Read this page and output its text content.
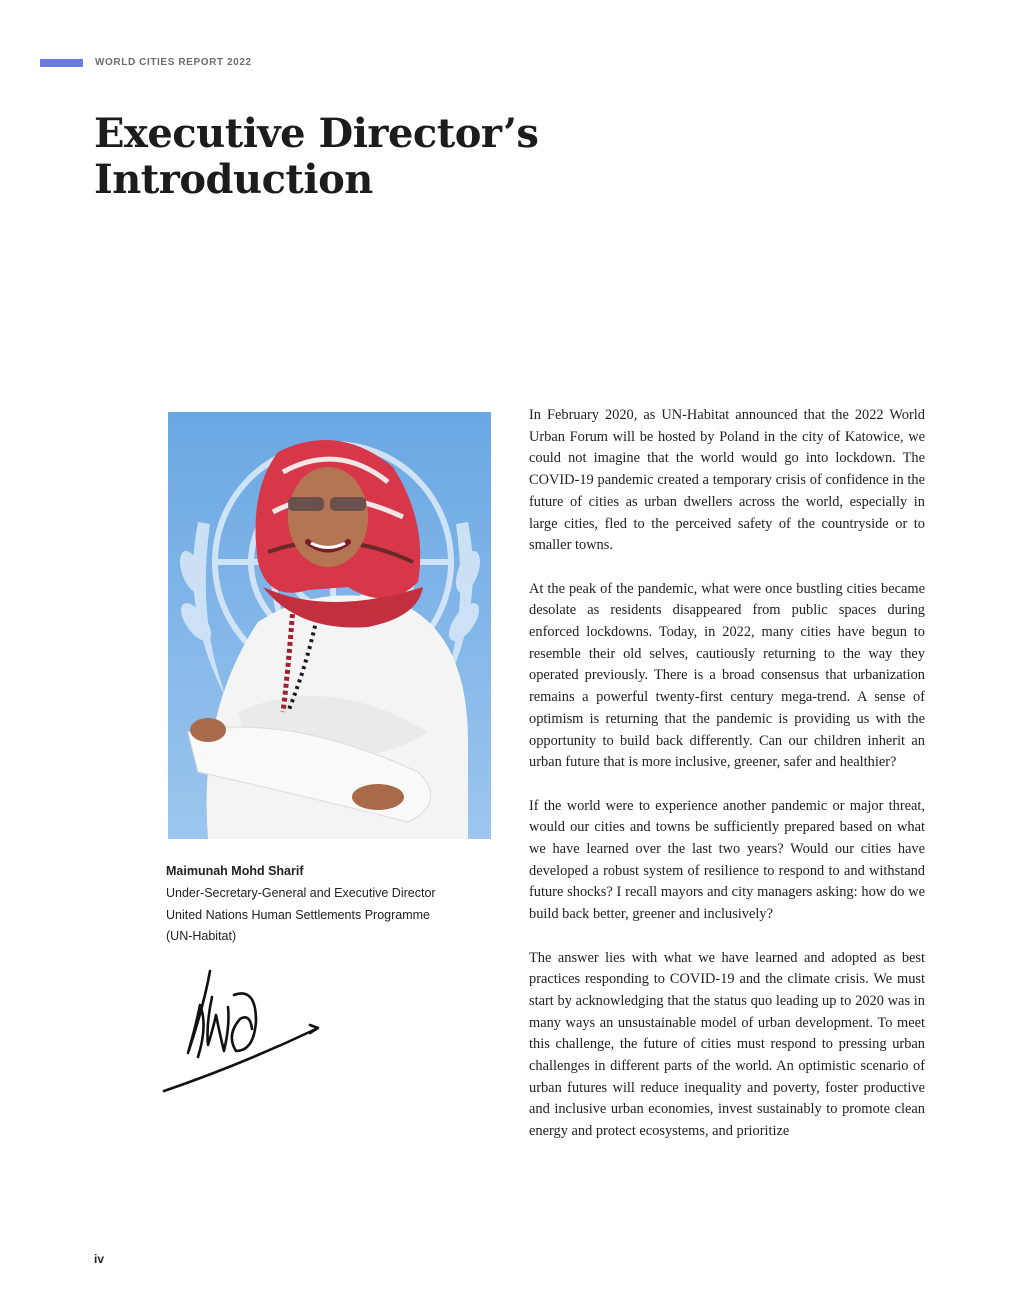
WORLD CITIES REPORT 2022
Executive Director’s
Introduction
Maimunah Mohd Sharif
Under-Secretary-General and Executive Director
United Nations Human Settlements Programme
(UN-Habitat)

In February 2020, as UN-Habitat announced that the 2022 World Urban Forum will be hosted by Poland in the city of Katowice, we could not imagine that the world would go into lockdown. The COVID-19 pandemic created a temporary crisis of confidence in the future of cities as urban dwellers across the world, especially in large cities, fled to the perceived safety of the countryside or to smaller towns.

At the peak of the pandemic, what were once bustling cities became desolate as residents disappeared from public spaces during enforced lockdowns. Today, in 2022, many cities have begun to resemble their old selves, cautiously returning to the way they operated previously. There is a broad consensus that urbanization remains a powerful twenty-first century mega-trend. A sense of optimism is returning that the pandemic is providing us with the opportunity to build back differently. Can our children inherit an urban future that is more inclusive, greener, safer and healthier?

If the world were to experience another pandemic or major threat, would our cities and towns be sufficiently prepared based on what we have learned over the last two years? Would our cities have developed a robust system of resilience to respond to and withstand future shocks? I recall mayors and city managers asking: how do we build back better, greener and inclusively?

The answer lies with what we have learned and adopted as best practices responding to COVID-19 and the climate crisis. We must start by acknowledging that the status quo leading up to 2020 was in many ways an unsustainable model of urban development. To meet this challenge, the future of cities must respond to pressing urban challenges in different parts of the world. An optimistic scenario of urban futures will reduce inequality and poverty, foster productive and inclusive urban economies, invest sustainably to promote clean energy and protect ecosystems, and prioritize

iv
